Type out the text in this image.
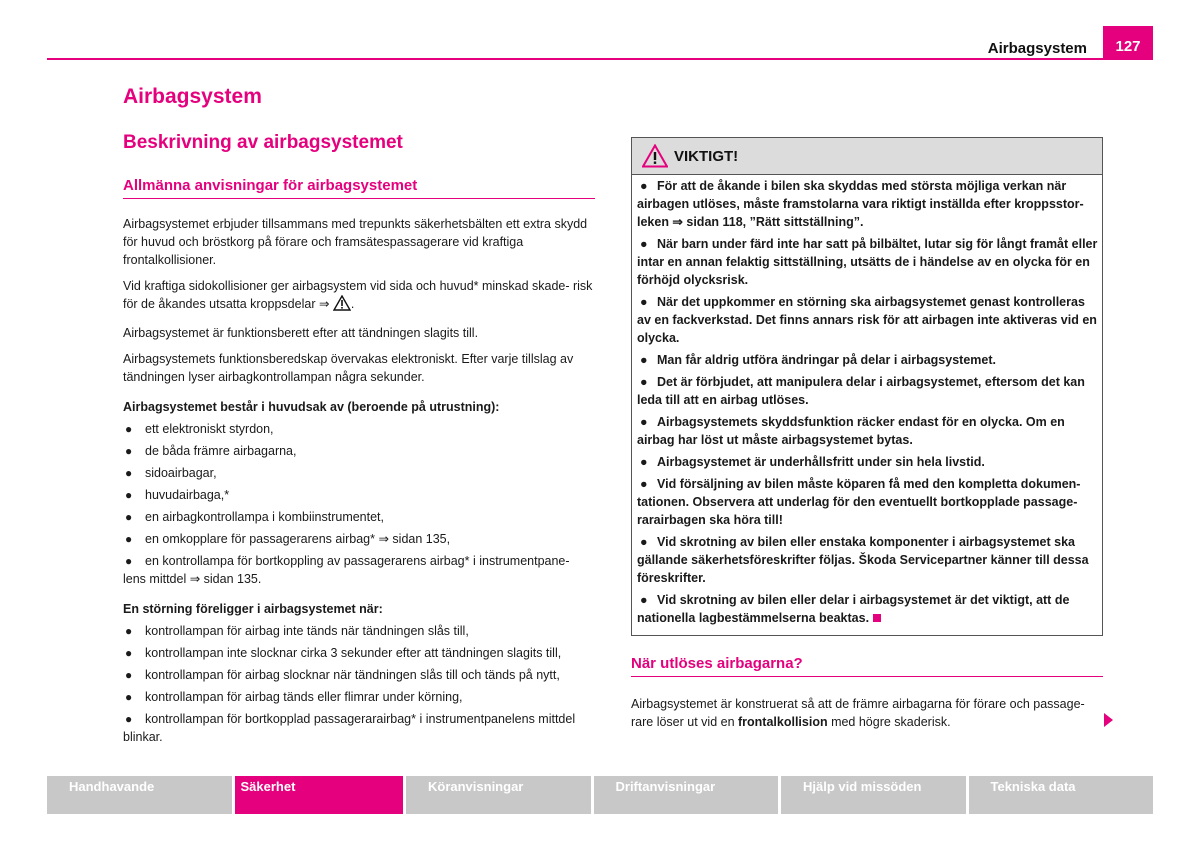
Airbagsystem	127
Airbagsystem
Beskrivning av airbagsystemet
Allmänna anvisningar för airbagsystemet

Airbagsystemet erbjuder tillsammans med trepunkts säkerhetsbälten ett extra skydd för huvud och bröstkorg på förare och framsätespassagerare vid kraftiga frontalkollisioner.

Vid kraftiga sidokollisioner ger airbagsystem vid sida och huvud* minskad skade- risk för de åkandes utsatta kroppsdelar ⇒ .

Airbagsystemet är funktionsberett efter att tändningen slagits till.

Airbagsystemets funktionsberedskap övervakas elektroniskt. Efter varje tillslag av tändningen lyser airbagkontrollampan några sekunder.

Airbagsystemet består i huvudsak av (beroende på utrustning):

● ett elektroniskt styrdon,
● de båda främre airbagarna,
● sidoairbagar,
● huvudairbaga,*
● en airbagkontrollampa i kombiinstrumentet,
● en omkopplare för passagerarens airbag* ⇒ sidan 135,
● en kontrollampa för bortkoppling av passagerarens airbag* i instrumentpane- lens mittdel ⇒ sidan 135.

En störning föreligger i airbagsystemet när:

● kontrollampan för airbag inte tänds när tändningen slås till,
● kontrollampan inte slocknar cirka 3 sekunder efter att tändningen slagits till,
● kontrollampan för airbag slocknar när tändningen slås till och tänds på nytt,
● kontrollampan för airbag tänds eller flimrar under körning,
● kontrollampan för bortkopplad passagerarairbag* i instrumentpanelens mittdel blinkar.
VIKTIGT!

● För att de åkande i bilen ska skyddas med största möjliga verkan när airbagen utlöses, måste framstolarna vara riktigt inställda efter kroppsstor- leken ⇒ sidan 118, ”Rätt sittställning”.

● När barn under färd inte har satt på bilbältet, lutar sig för långt framåt eller intar en annan felaktig sittställning, utsätts de i händelse av en olycka för en förhöjd olycksrisk.

● När det uppkommer en störning ska airbagsystemet genast kontrolleras av en fackverkstad. Det finns annars risk för att airbagen inte aktiveras vid en olycka.

● Man får aldrig utföra ändringar på delar i airbagsystemet.

● Det är förbjudet, att manipulera delar i airbagsystemet, eftersom det kan leda till att en airbag utlöses.

● Airbagsystemets skyddsfunktion räcker endast för en olycka. Om en airbag har löst ut måste airbagsystemet bytas.

● Airbagsystemet är underhållsfritt under sin hela livstid.

● Vid försäljning av bilen måste köparen få med den kompletta dokumen- tationen. Observera att underlag för den eventuellt bortkopplade passage- rarairbagen ska höra till!

● Vid skrotning av bilen eller enstaka komponenter i airbagsystemet ska gällande säkerhetsföreskrifter följas. Škoda Servicepartner känner till dessa föreskrifter.

● Vid skrotning av bilen eller delar i airbagsystemet är det viktigt, att de nationella lagbestämmelserna beaktas.

När utlöses airbagarna?

Airbagsystemet är konstruerat så att de främre airbagarna för förare och passage- rare löser ut vid en frontalkollision med högre skaderisk.

Handhavande	Säkerhet	Köranvisningar	Driftanvisningar	Hjälp vid missöden	Tekniska data
